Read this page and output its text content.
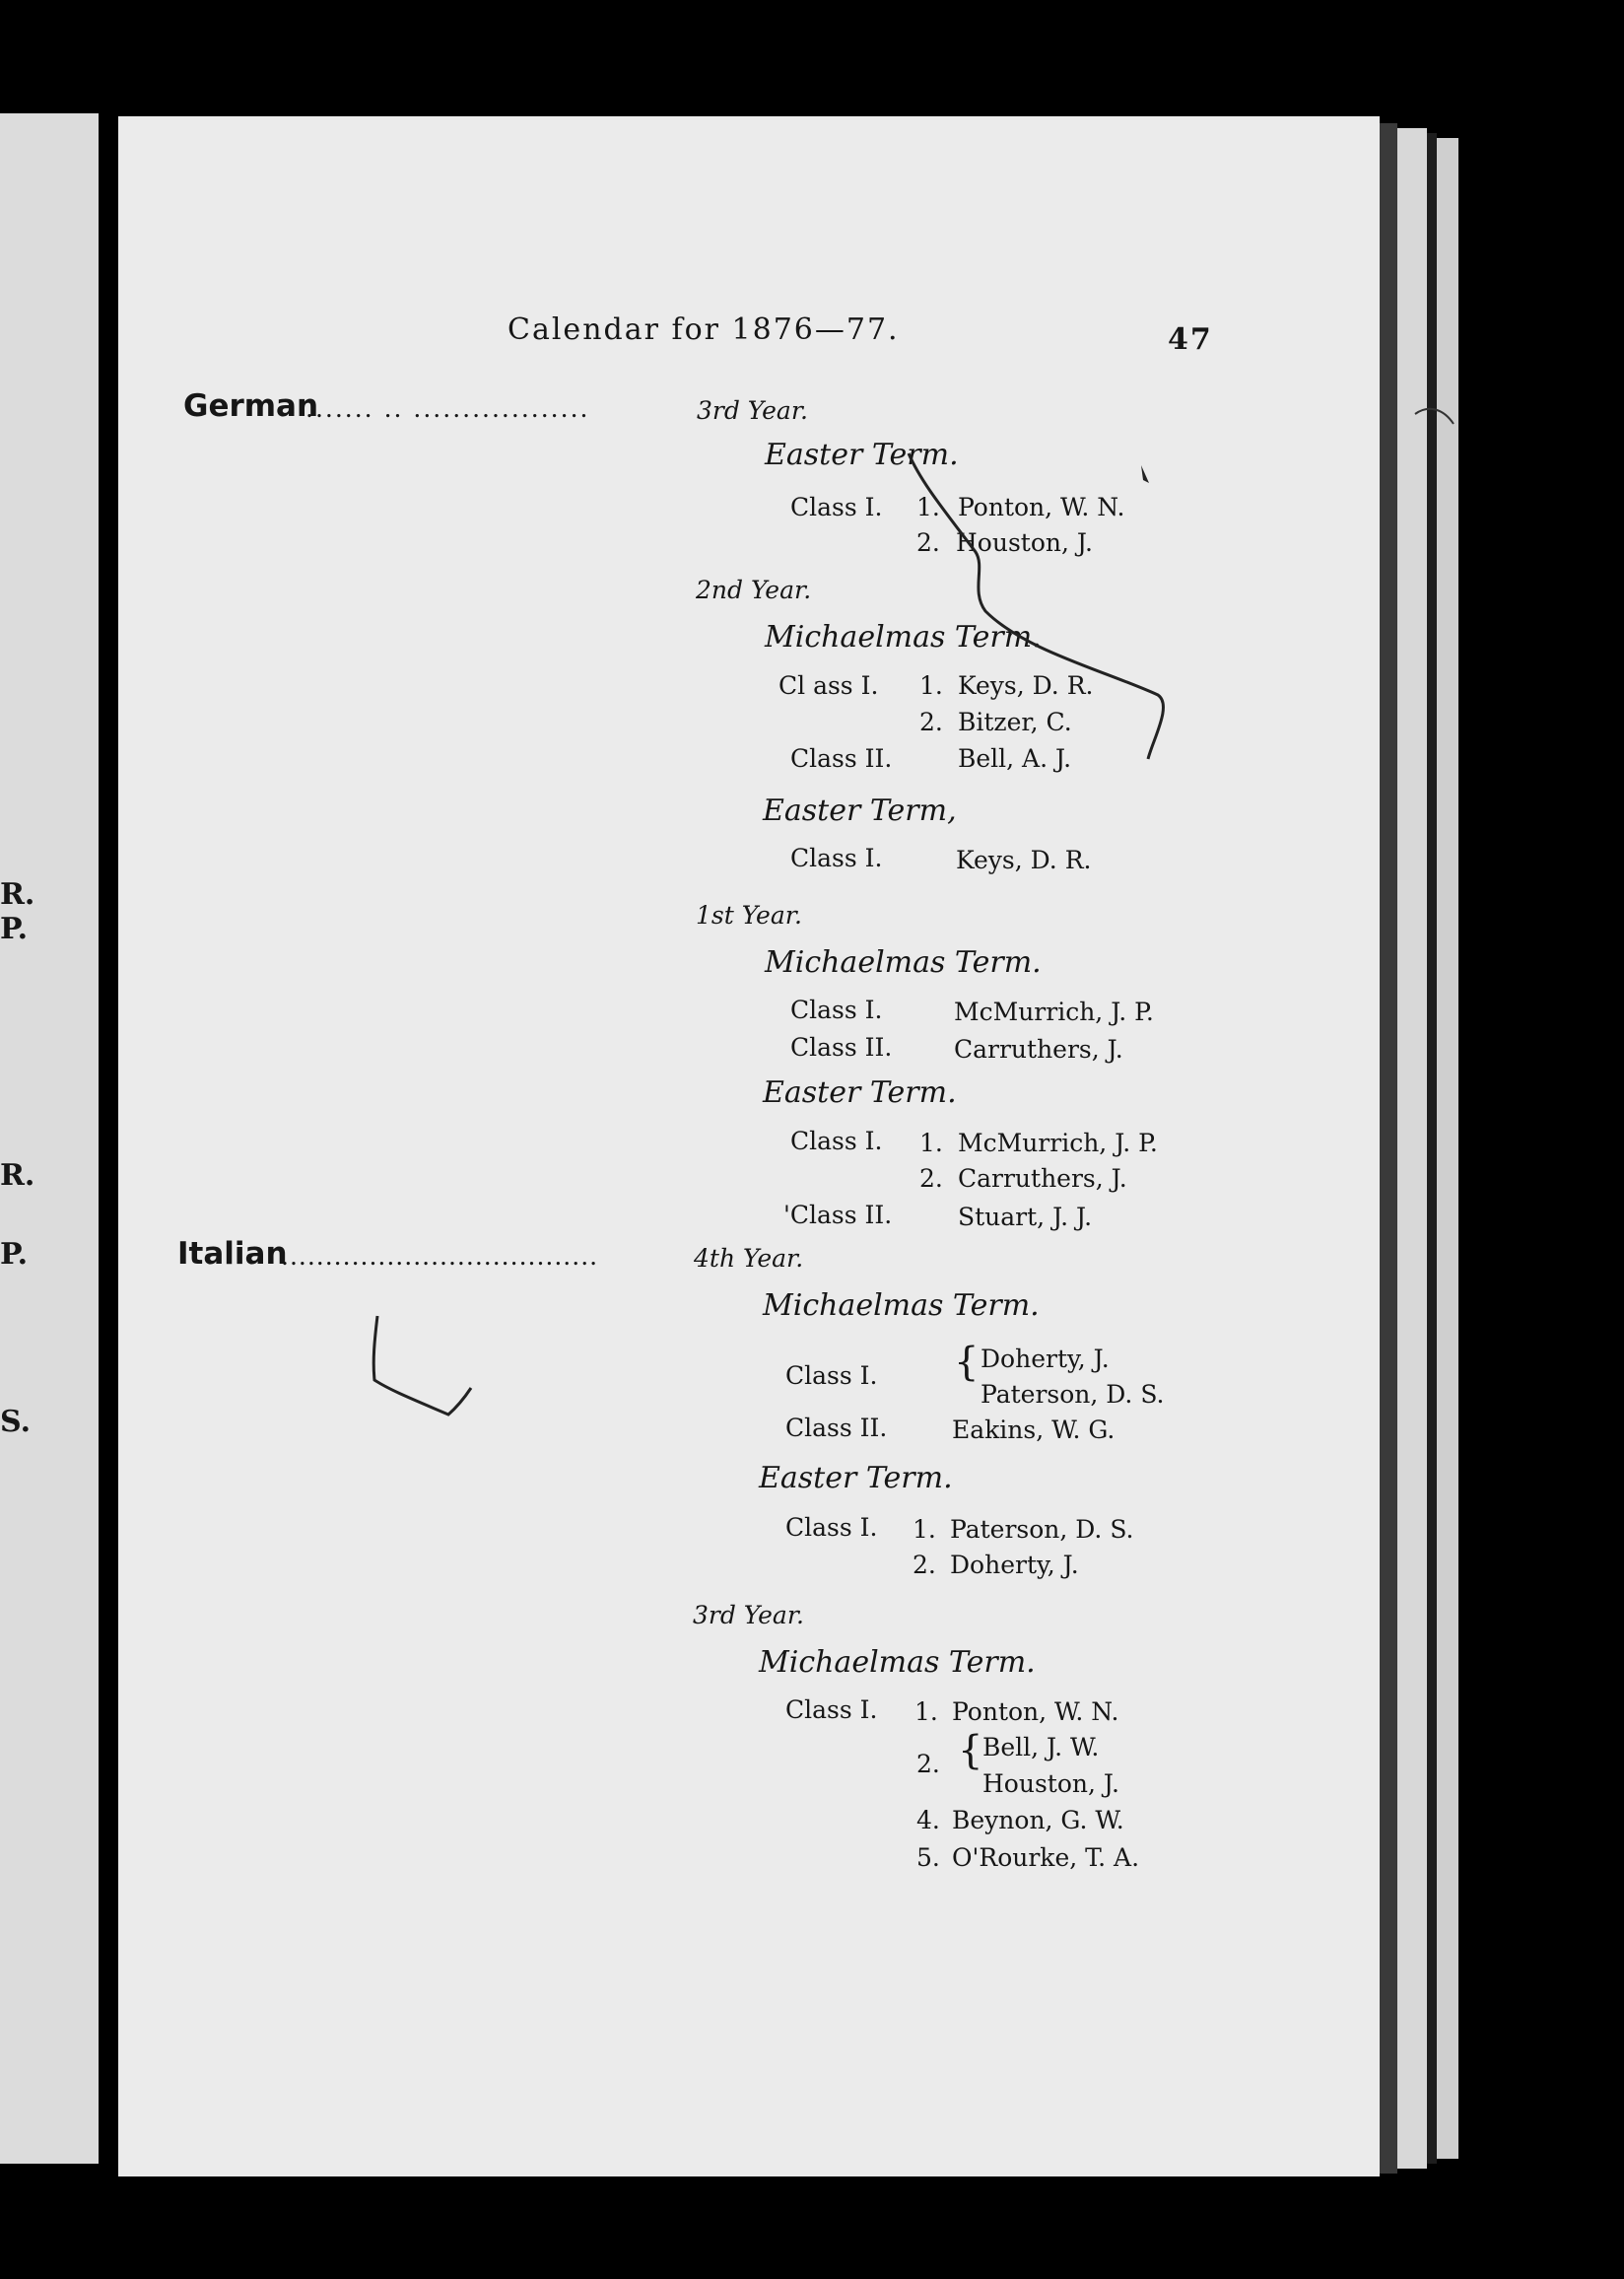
R.
P.
R.
P.
S.
Calendar for 1876—77.	47
German
....... .. ..................	3rd Year.
Easter Term.
Class I. 1. Ponton, W. N.
2. Houston, J.
2nd Year.
Michaelmas Term.
Cl ass I. 1. Keys, D. R.
2. Bitzer, C.
Class II.	Bell, A. J.
Easter Term,
Class I.	Keys, D. R.
1st Year.
Michaelmas Term.
Class I.	McMurrich, J. P.
Class II.	Carruthers, J.
Easter Term.
Class I. 1. McMurrich, J. P.
2. Carruthers, J.
'Class II.	Stuart, J. J.
Italian
....................................	4th Year.
Michaelmas Term.
Class I. { Doherty, J.
Paterson, D. S.
Class II.	Eakins, W. G.
Easter Term.
Class I. 1. Paterson, D. S.
2. Doherty, J.
3rd Year.
Michaelmas Term.
Class I. 1. Ponton, W. N.
2. { Bell, J. W.
Houston, J.
4. Beynon, G. W.
5. O'Rourke, T. A.
